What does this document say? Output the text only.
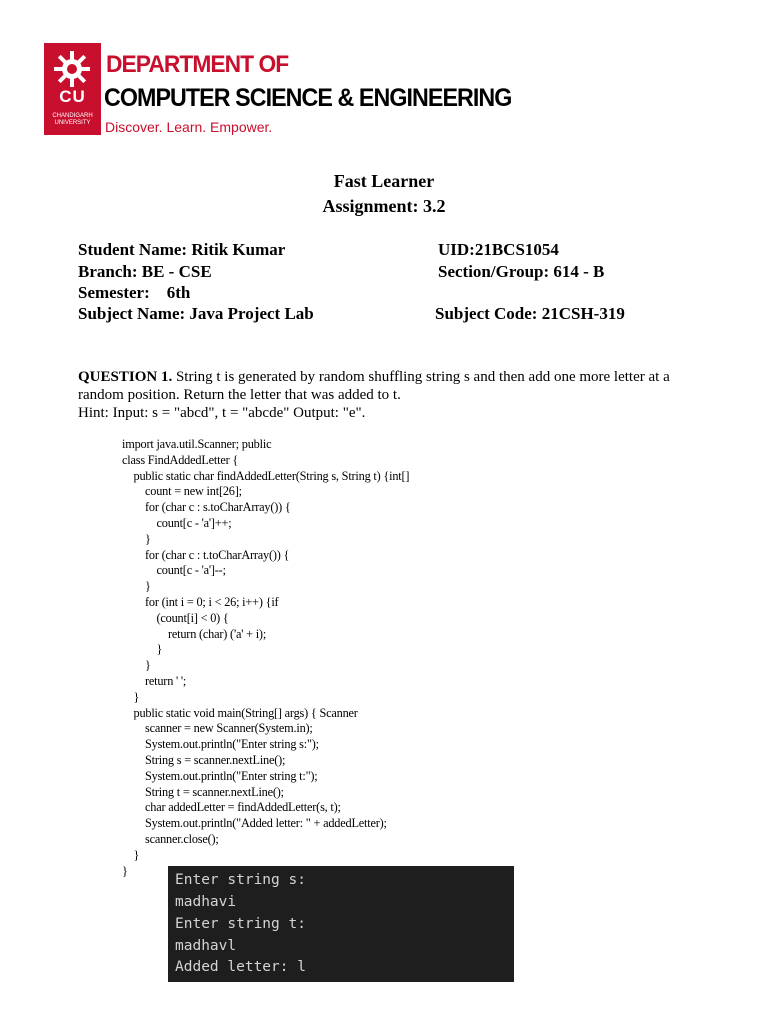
CU
CHANDIGARH UNIVERSITY
DEPARTMENT OF
COMPUTER SCIENCE & ENGINEERING
Discover. Learn. Empower.
Fast Learner
Assignment: 3.2
Student Name: Ritik Kumar	UID:21BCS1054
Branch: BE - CSE	Section/Group: 614 - B
Semester:    6th
Subject Name: Java Project Lab	Subject Code: 21CSH-319
QUESTION 1. String t is generated by random shuffling string s and then add one more letter at a random position. Return the letter that was added to t.
Hint: Input: s = "abcd", t = "abcde" Output: "e".
import java.util.Scanner; public
class FindAddedLetter {
public static char findAddedLetter(String s, String t) {int[]
count = new int[26];
for (char c : s.toCharArray()) {
count[c - 'a']++;
}
for (char c : t.toCharArray()) {
count[c - 'a']--;
}
for (int i = 0; i < 26; i++) {if
(count[i] < 0) {
return (char) ('a' + i);
}
}
return ' ';
}
public static void main(String[] args) { Scanner
scanner = new Scanner(System.in);
System.out.println("Enter string s:");
String s = scanner.nextLine();
System.out.println("Enter string t:");
String t = scanner.nextLine();
char addedLetter = findAddedLetter(s, t);
System.out.println("Added letter: " + addedLetter);
scanner.close();
}
}
Enter string s:
madhavi
Enter string t:
madhavl
Added letter: l
